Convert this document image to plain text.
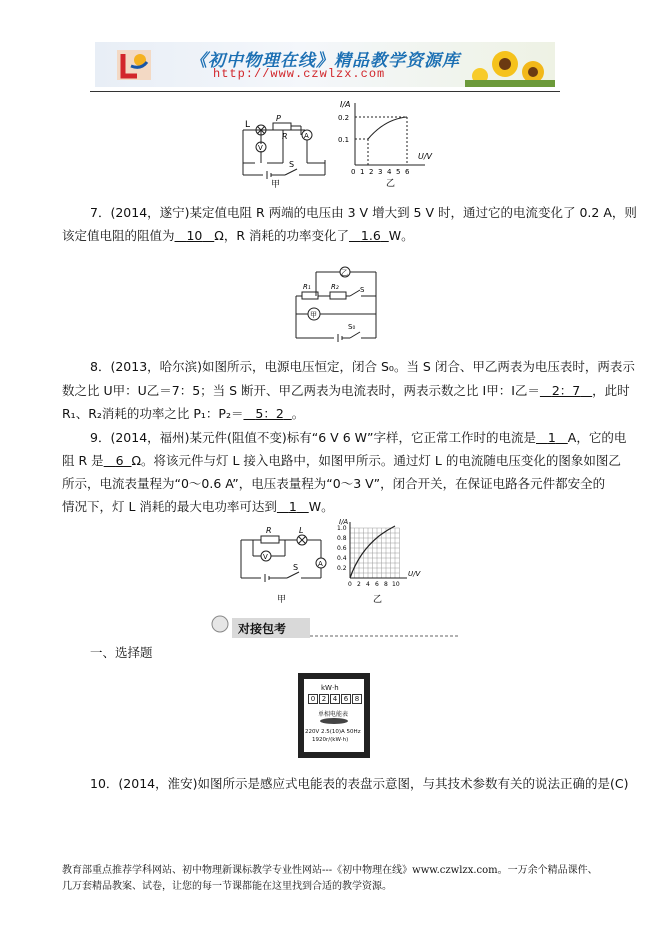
《初中物理在线》精品教学资源库
http://www.czwlzx.com
L
P
R A
V
S
甲
I/A
U/V
0.2
0.1
0 1 2 3 4 5 6
乙
7．(2014，遂宁)某定值电阻 R 两端的电压由 3 V 增大到 5 V 时，通过它的电流变化了 0.2 A，则
该定值电阻的阻值为 10 Ω，R 消耗的功率变化了 1.6 W。
乙
R₁	R₂	S
甲
S₀
8．(2013，哈尔滨)如图所示，电源电压恒定，闭合 S₀。当 S 闭合、甲乙两表为电压表时，两表示
数之比 U甲：U乙＝7：5；当 S 断开、甲乙两表为电流表时，两表示数之比 I甲：I乙＝ 2：7 ，此时
R₁、R₂消耗的功率之比 P₁：P₂＝ 5：2 。
9．(2014，福州)某元件(阻值不变)标有“6 V 6 W”字样，它正常工作时的电流是 1 A，它的电
阻 R 是 6 Ω。将该元件与灯 L 接入电路中，如图甲所示。通过灯 L 的电流随电压变化的图象如图乙
所示，电流表量程为“0～0.6 A”，电压表量程为“0～3 V”，闭合开关，在保证电路各元件都安全的
情况下，灯 L 消耗的最大电功率可达到 1 W。
R	L
V
A
S
甲
I/A
U/V
1.0
0.8
0.6
0.4
0.2
0 2 4 6 8 10
乙
对接包考
一、选择题
kW·h
0 2 4 6 8
单相电能表
220V 2.5(10)A 50Hz
1920r/(kW·h)
10．(2014，淮安)如图所示是感应式电能表的表盘示意图，与其技术参数有关的说法正确的是(C)
教育部重点推荐学科网站、初中物理新课标教学专业性网站---《初中物理在线》www.czwlzx.com。一万余个精品课件、
几万套精品教案、试卷，让您的每一节课都能在这里找到合适的教学资源。
